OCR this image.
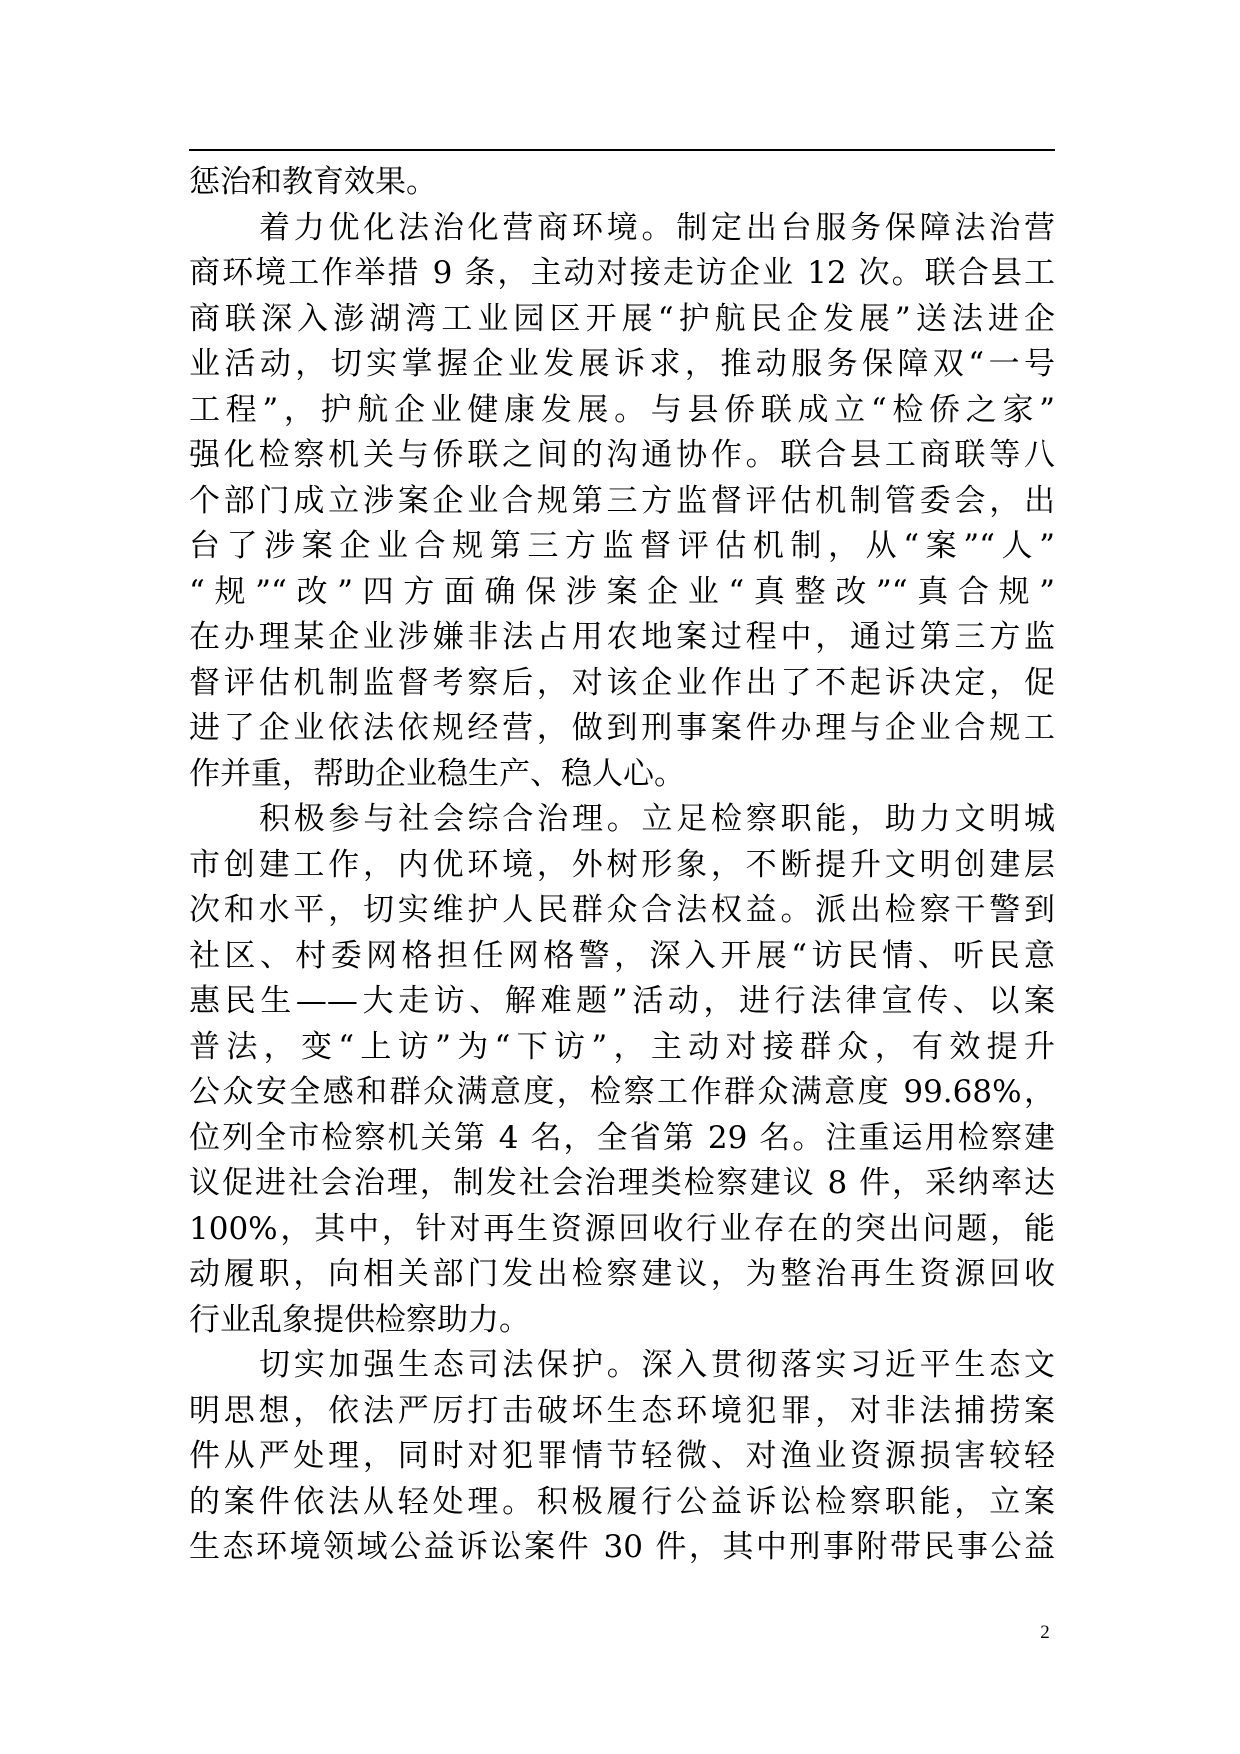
惩治和教育效果。
着力优化法治化营商环境。制定出台服务保障法治营
商环境工作举措 9 条，主动对接走访企业 12 次。联合县工
商联深入澎湖湾工业园区开展“护航民企发展”送法进企
业活动，切实掌握企业发展诉求，推动服务保障双“一号
工程”，护航企业健康发展。与县侨联成立“检侨之家”
强化检察机关与侨联之间的沟通协作。联合县工商联等八
个部门成立涉案企业合规第三方监督评估机制管委会，出
台了涉案企业合规第三方监督评估机制，从“案”“人”
“规”“改”四方面确保涉案企业“真整改”“真合规”
在办理某企业涉嫌非法占用农地案过程中，通过第三方监
督评估机制监督考察后，对该企业作出了不起诉决定，促
进了企业依法依规经营，做到刑事案件办理与企业合规工
作并重，帮助企业稳生产、稳人心。
积极参与社会综合治理。立足检察职能，助力文明城
市创建工作，内优环境，外树形象，不断提升文明创建层
次和水平，切实维护人民群众合法权益。派出检察干警到
社区、村委网格担任网格警，深入开展“访民情、听民意
惠民生——大走访、解难题”活动，进行法律宣传、以案
普法，变“上访”为“下访”，主动对接群众，有效提升
公众安全感和群众满意度，检察工作群众满意度 99.68%，
位列全市检察机关第 4 名，全省第 29 名。注重运用检察建
议促进社会治理，制发社会治理类检察建议 8 件，采纳率达
100%，其中，针对再生资源回收行业存在的突出问题，能
动履职，向相关部门发出检察建议，为整治再生资源回收
行业乱象提供检察助力。
切实加强生态司法保护。深入贯彻落实习近平生态文
明思想，依法严厉打击破坏生态环境犯罪，对非法捕捞案
件从严处理，同时对犯罪情节轻微、对渔业资源损害较轻
的案件依法从轻处理。积极履行公益诉讼检察职能，立案
生态环境领域公益诉讼案件 30 件，其中刑事附带民事公益
2
